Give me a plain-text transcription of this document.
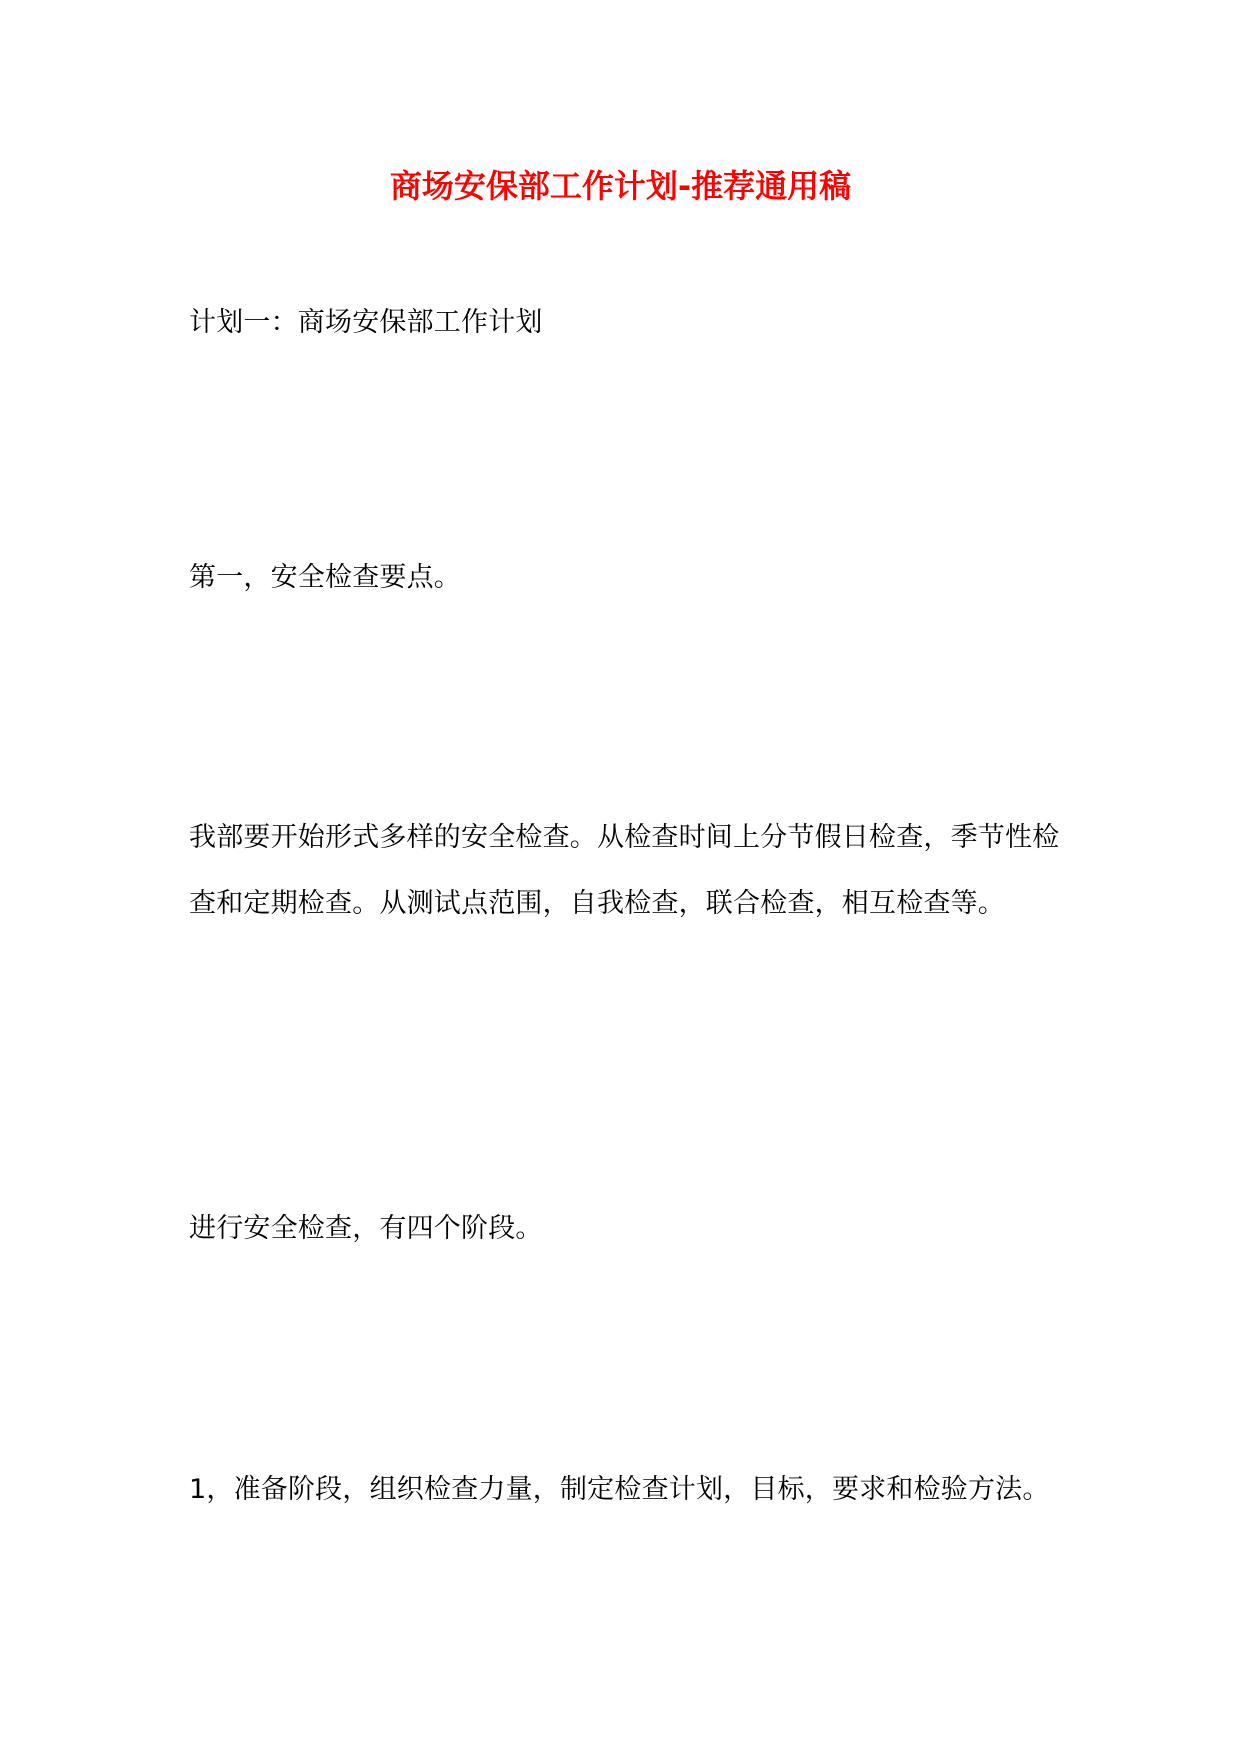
商场安保部工作计划-推荐通用稿

计划一：商场安保部工作计划

第一，安全检查要点。

我部要开始形式多样的安全检查。从检查时间上分节假日检查，季节性检查和定期检查。从测试点范围，自我检查，联合检查，相互检查等。

进行安全检查，有四个阶段。

1，准备阶段，组织检查力量，制定检查计划，目标，要求和检验方法。
